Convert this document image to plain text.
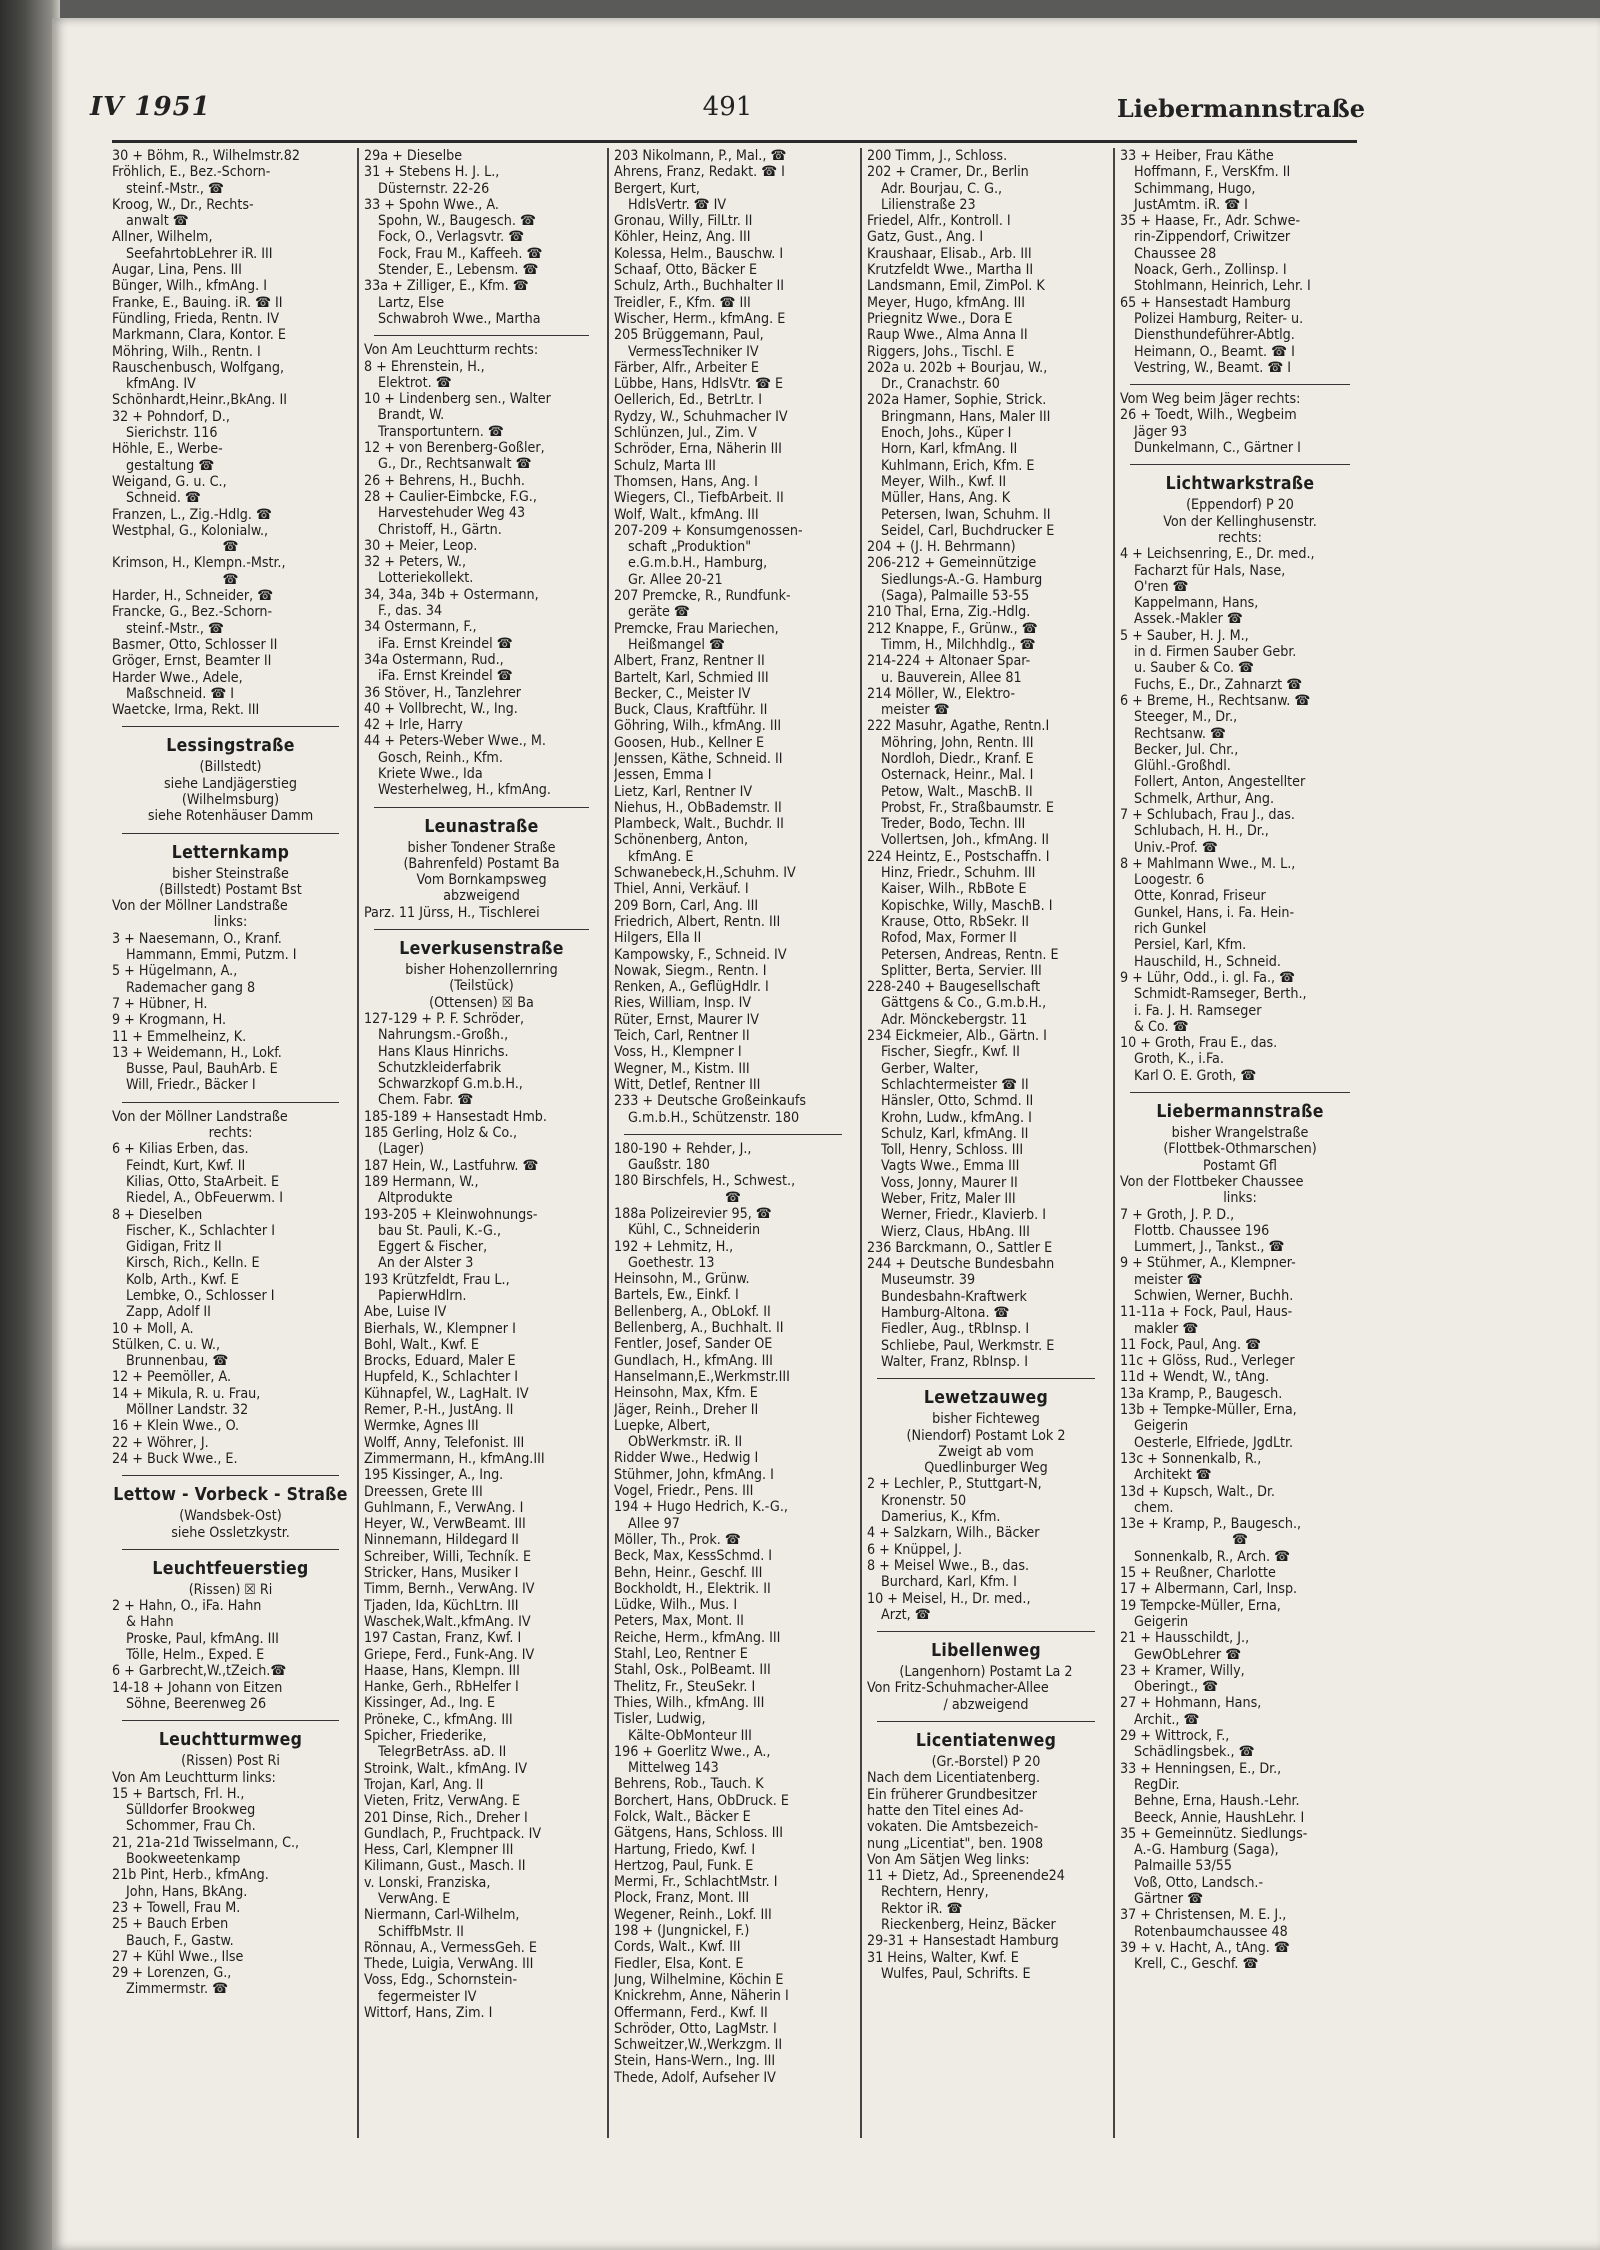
IV 1951	491	Liebermannstraße
30 + Böhm, R., Wilhelmstr.82
Fröhlich, E., Bez.-Schorn-
steinf.-Mstr., ☎
Kroog, W., Dr., Rechts-
anwalt ☎
Allner, Wilhelm,
SeefahrtobLehrer iR. III
Augar, Lina, Pens. III
Bünger, Wilh., kfmAng. I
Franke, E., Bauing. iR. ☎ II
Fündling, Frieda, Rentn. IV
Markmann, Clara, Kontor. E
Möhring, Wilh., Rentn. I
Rauschenbusch, Wolfgang,
kfmAng. IV
Schönhardt,Heinr.,BkAng. II
32 + Pohndorf, D.,
Sierichstr. 116
Höhle, E., Werbe-
gestaltung ☎
Weigand, G. u. C.,
Schneid. ☎
Franzen, L., Zig.-Hdlg. ☎
Westphal, G., Kolonialw.,
☎
Krimson, H., Klempn.-Mstr.,
☎
Harder, H., Schneider, ☎
Francke, G., Bez.-Schorn-
steinf.-Mstr., ☎
Basmer, Otto, Schlosser II
Gröger, Ernst, Beamter II
Harder Wwe., Adele,
Maßschneid. ☎ I
Waetcke, Irma, Rekt. III
Lessingstraße
(Billstedt)
siehe Landjägerstieg
(Wilhelmsburg)
siehe Rotenhäuser Damm
Letternkamp
bisher Steinstraße
(Billstedt) Postamt Bst
Von der Möllner Landstraße
links:
3 + Naesemann, O., Kranf.
Hammann, Emmi, Putzm. I
5 + Hügelmann, A.,
Rademacher gang 8
7 + Hübner, H.
9 + Krogmann, H.
11 + Emmelheinz, K.
13 + Weidemann, H., Lokf.
Busse, Paul, BauhArb. E
Will, Friedr., Bäcker I
Von der Möllner Landstraße
rechts:
6 + Kilias Erben, das.
Feindt, Kurt, Kwf. II
Kilias, Otto, StaArbeit. E
Riedel, A., ObFeuerwm. I
8 + Dieselben
Fischer, K., Schlachter I
Gidigan, Fritz II
Kirsch, Rich., Kelln. E
Kolb, Arth., Kwf. E
Lembke, O., Schlosser I
Zapp, Adolf II
10 + Moll, A.
Stülken, C. u. W.,
Brunnenbau, ☎
12 + Peemöller, A.
14 + Mikula, R. u. Frau,
Möllner Landstr. 32
16 + Klein Wwe., O.
22 + Wöhrer, J.
24 + Buck Wwe., E.
Lettow - Vorbeck - Straße
(Wandsbek-Ost)
siehe Ossletzkystr.
Leuchtfeuerstieg
(Rissen) ☒ Ri
2 + Hahn, O., iFa. Hahn
& Hahn
Proske, Paul, kfmAng. III
Tölle, Helm., Exped. E
6 + Garbrecht,W.,tZeich.☎
14-18 + Johann von Eitzen
Söhne, Beerenweg 26
Leuchtturmweg
(Rissen) Post Ri
Von Am Leuchtturm links:
15 + Bartsch, Frl. H.,
Sülldorfer Brookweg
Schommer, Frau Ch.
21, 21a-21d Twisselmann, C.,
Bookweetenkamp
21b Pint, Herb., kfmAng.
John, Hans, BkAng.
23 + Towell, Frau M.
25 + Bauch Erben
Bauch, F., Gastw.
27 + Kühl Wwe., Ilse
29 + Lorenzen, G.,
Zimmermstr. ☎
29a + Dieselbe
31 + Stebens H. J. L.,
Düsternstr. 22-26
33 + Spohn Wwe., A.
Spohn, W., Baugesch. ☎
Fock, O., Verlagsvtr. ☎
Fock, Frau M., Kaffeeh. ☎
Stender, E., Lebensm. ☎
33a + Zilliger, E., Kfm. ☎
Lartz, Else
Schwabroh Wwe., Martha
Von Am Leuchtturm rechts:
8 + Ehrenstein, H.,
Elektrot. ☎
10 + Lindenberg sen., Walter
Brandt, W.
Transportuntern. ☎
12 + von Berenberg-Goßler,
G., Dr., Rechtsanwalt ☎
26 + Behrens, H., Buchh.
28 + Caulier-Eimbcke, F.G.,
Harvestehuder Weg 43
Christoff, H., Gärtn.
30 + Meier, Leop.
32 + Peters, W.,
Lotteriekollekt.
34, 34a, 34b + Ostermann,
F., das. 34
34 Ostermann, F.,
iFa. Ernst Kreindel ☎
34a Ostermann, Rud.,
iFa. Ernst Kreindel ☎
36 Stöver, H., Tanzlehrer
40 + Vollbrecht, W., Ing.
42 + Irle, Harry
44 + Peters-Weber Wwe., M.
Gosch, Reinh., Kfm.
Kriete Wwe., Ida
Westerhelweg, H., kfmAng.
Leunastraße
bisher Tondener Straße
(Bahrenfeld) Postamt Ba
Vom Bornkampsweg
abzweigend
Parz. 11 Jürss, H., Tischlerei
Leverkusenstraße
bisher Hohenzollernring
(Teilstück)
(Ottensen) ☒ Ba
127-129 + P. F. Schröder,
Nahrungsm.-Großh.,
Hans Klaus Hinrichs.
Schutzkleiderfabrik
Schwarzkopf G.m.b.H.,
Chem. Fabr. ☎
185-189 + Hansestadt Hmb.
185 Gerling, Holz & Co.,
(Lager)
187 Hein, W., Lastfuhrw. ☎
189 Hermann, W.,
Altprodukte
193-205 + Kleinwohnungs-
bau St. Pauli, K.-G.,
Eggert & Fischer,
An der Alster 3
193 Krützfeldt, Frau L.,
PapierwHdlrn.
Abe, Luise IV
Bierhals, W., Klempner I
Bohl, Walt., Kwf. E
Brocks, Eduard, Maler E
Hupfeld, K., Schlachter I
Kühnapfel, W., LagHalt. IV
Remer, P.-H., JustAng. II
Wermke, Agnes III
Wolff, Anny, Telefonist. III
Zimmermann, H., kfmAng.III
195 Kissinger, A., Ing.
Dreessen, Grete III
Guhlmann, F., VerwAng. I
Heyer, W., VerwBeamt. III
Ninnemann, Hildegard II
Schreiber, Willi, Techník. E
Stricker, Hans, Musiker I
Timm, Bernh., VerwAng. IV
Tjaden, Ida, KüchLtrn. III
Waschek,Walt.,kfmAng. IV
197 Castan, Franz, Kwf. I
Griepe, Ferd., Funk-Ang. IV
Haase, Hans, Klempn. III
Hanke, Gerh., RbHelfer I
Kissinger, Ad., Ing. E
Pröneke, C., kfmAng. III
Spicher, Friederike,
TelegrBetrAss. aD. II
Stroink, Walt., kfmAng. IV
Trojan, Karl, Ang. II
Vieten, Fritz, VerwAng. E
201 Dinse, Rich., Dreher I
Gundlach, P., Fruchtpack. IV
Hess, Carl, Klempner III
Kilimann, Gust., Masch. II
v. Lonski, Franziska,
VerwAng. E
Niermann, Carl-Wilhelm,
SchiffbMstr. II
Rönnau, A., VermessGeh. E
Thede, Luigia, VerwAng. III
Voss, Edg., Schornstein-
fegermeister IV
Wittorf, Hans, Zim. I
203 Nikolmann, P., Mal., ☎
Ahrens, Franz, Redakt. ☎ I
Bergert, Kurt,
HdlsVertr. ☎ IV
Gronau, Willy, FilLtr. II
Köhler, Heinz, Ang. III
Kolessa, Helm., Bauschw. I
Schaaf, Otto, Bäcker E
Schulz, Arth., Buchhalter II
Treidler, F., Kfm. ☎ III
Wischer, Herm., kfmAng. E
205 Brüggemann, Paul,
VermessTechniker IV
Färber, Alfr., Arbeiter E
Lübbe, Hans, HdlsVtr. ☎ E
Oellerich, Ed., BetrLtr. I
Rydzy, W., Schuhmacher IV
Schlünzen, Jul., Zim. V
Schröder, Erna, Näherin III
Schulz, Marta III
Thomsen, Hans, Ang. I
Wiegers, Cl., TiefbArbeit. II
Wolf, Walt., kfmAng. III
207-209 + Konsumgenossen-
schaft „Produktion"
e.G.m.b.H., Hamburg,
Gr. Allee 20-21
207 Premcke, R., Rundfunk-
geräte ☎
Premcke, Frau Mariechen,
Heißmangel ☎
Albert, Franz, Rentner II
Bartelt, Karl, Schmied III
Becker, C., Meister IV
Buck, Claus, Kraftführ. II
Göhring, Wilh., kfmAng. III
Goosen, Hub., Kellner E
Jenssen, Käthe, Schneid. II
Jessen, Emma I
Lietz, Karl, Rentner IV
Niehus, H., ObBademstr. II
Plambeck, Walt., Buchdr. II
Schönenberg, Anton,
kfmAng. E
Schwanebeck,H.,Schuhm. IV
Thiel, Anni, Verkäuf. I
209 Born, Carl, Ang. III
Friedrich, Albert, Rentn. III
Hilgers, Ella II
Kampowsky, F., Schneid. IV
Nowak, Siegm., Rentn. I
Renken, A., GeflügHdlr. I
Ries, William, Insp. IV
Rüter, Ernst, Maurer IV
Teich, Carl, Rentner II
Voss, H., Klempner I
Wegner, M., Kistm. III
Witt, Detlef, Rentner III
233 + Deutsche Großeinkaufs
G.m.b.H., Schützenstr. 180
180-190 + Rehder, J.,
Gaußstr. 180
180 Birschfels, H., Schwest.,
☎
188a Polizeirevier 95, ☎
Kühl, C., Schneiderin
192 + Lehmitz, H.,
Goethestr. 13
Heinsohn, M., Grünw.
Bartels, Ew., Einkf. I
Bellenberg, A., ObLokf. II
Bellenberg, A., Buchhalt. II
Fentler, Josef, Sander OE
Gundlach, H., kfmAng. III
Hanselmann,E.,Werkmstr.III
Heinsohn, Max, Kfm. E
Jäger, Reinh., Dreher II
Luepke, Albert,
ObWerkmstr. iR. II
Ridder Wwe., Hedwig I
Stühmer, John, kfmAng. I
Vogel, Friedr., Pens. III
194 + Hugo Hedrich, K.-G.,
Allee 97
Möller, Th., Prok. ☎
Beck, Max, KessSchmd. I
Behn, Heinr., Geschf. III
Bockholdt, H., Elektrik. II
Lüdke, Wilh., Mus. I
Peters, Max, Mont. II
Reiche, Herm., kfmAng. III
Stahl, Leo, Rentner E
Stahl, Osk., PolBeamt. III
Thelitz, Fr., SteuSekr. I
Thies, Wilh., kfmAng. III
Tisler, Ludwig,
Kälte-ObMonteur III
196 + Goerlitz Wwe., A.,
Mittelweg 143
Behrens, Rob., Tauch. K
Borchert, Hans, ObDruck. E
Folck, Walt., Bäcker E
Gätgens, Hans, Schloss. III
Hartung, Friedo, Kwf. I
Hertzog, Paul, Funk. E
Mermi, Fr., SchlachtMstr. I
Plock, Franz, Mont. III
Wegener, Reinh., Lokf. III
198 + (Jungnickel, F.)
Cords, Walt., Kwf. III
Fiedler, Elsa, Kont. E
Jung, Wilhelmine, Köchin E
Knickrehm, Anne, Näherin I
Offermann, Ferd., Kwf. II
Schröder, Otto, LagMstr. I
Schweitzer,W.,Werkzgm. II
Stein, Hans-Wern., Ing. III
Thede, Adolf, Aufseher IV
200 Timm, J., Schloss.
202 + Cramer, Dr., Berlin
Adr. Bourjau, C. G.,
Lilienstraße 23
Friedel, Alfr., Kontroll. I
Gatz, Gust., Ang. I
Kraushaar, Elisab., Arb. III
Krutzfeldt Wwe., Martha II
Landsmann, Emil, ZimPol. K
Meyer, Hugo, kfmAng. III
Priegnitz Wwe., Dora E
Raup Wwe., Alma Anna II
Riggers, Johs., Tischl. E
202a u. 202b + Bourjau, W.,
Dr., Cranachstr. 60
202a Hamer, Sophie, Strick.
Bringmann, Hans, Maler III
Enoch, Johs., Küper I
Horn, Karl, kfmAng. II
Kuhlmann, Erich, Kfm. E
Meyer, Wilh., Kwf. II
Müller, Hans, Ang. K
Petersen, Iwan, Schuhm. II
Seidel, Carl, Buchdrucker E
204 + (J. H. Behrmann)
206-212 + Gemeinnützige
Siedlungs-A.-G. Hamburg
(Saga), Palmaille 53-55
210 Thal, Erna, Zig.-Hdlg.
212 Knappe, F., Grünw., ☎
Timm, H., Milchhdlg., ☎
214-224 + Altonaer Spar-
u. Bauverein, Allee 81
214 Möller, W., Elektro-
meister ☎
222 Masuhr, Agathe, Rentn.I
Möhring, John, Rentn. III
Nordloh, Diedr., Kranf. E
Osternack, Heinr., Mal. I
Petow, Walt., MaschB. II
Probst, Fr., Straßbaumstr. E
Treder, Bodo, Techn. III
Vollertsen, Joh., kfmAng. II
224 Heintz, E., Postschaffn. I
Hinz, Friedr., Schuhm. III
Kaiser, Wilh., RbBote E
Kopischke, Willy, MaschB. I
Krause, Otto, RbSekr. II
Rofod, Max, Former II
Petersen, Andreas, Rentn. E
Splitter, Berta, Servier. III
228-240 + Baugesellschaft
Gättgens & Co., G.m.b.H.,
Adr. Mönckebergstr. 11
234 Eickmeier, Alb., Gärtn. I
Fischer, Siegfr., Kwf. II
Gerber, Walter,
Schlachtermeister ☎ II
Hänsler, Otto, Schmd. II
Krohn, Ludw., kfmAng. I
Schulz, Karl, kfmAng. II
Toll, Henry, Schloss. III
Vagts Wwe., Emma III
Voss, Jonny, Maurer II
Weber, Fritz, Maler III
Werner, Friedr., Klavierb. I
Wierz, Claus, HbAng. III
236 Barckmann, O., Sattler E
244 + Deutsche Bundesbahn
Museumstr. 39
Bundesbahn-Kraftwerk
Hamburg-Altona. ☎
Fiedler, Aug., tRbInsp. I
Schliebe, Paul, Werkmstr. E
Walter, Franz, RbInsp. I
Lewetzauweg
bisher Fichteweg
(Niendorf) Postamt Lok 2
Zweigt ab vom
Quedlinburger Weg
2 + Lechler, P., Stuttgart-N,
Kronenstr. 50
Damerius, K., Kfm.
4 + Salzkarn, Wilh., Bäcker
6 + Knüppel, J.
8 + Meisel Wwe., B., das.
Burchard, Karl, Kfm. I
10 + Meisel, H., Dr. med.,
Arzt, ☎
Libellenweg
(Langenhorn) Postamt La 2
Von Fritz-Schuhmacher-Allee
/ abzweigend
Licentiatenweg
(Gr.-Borstel) P 20
Nach dem Licentiatenberg.
Ein früherer Grundbesitzer
hatte den Titel eines Ad-
vokaten. Die Amtsbezeich-
nung „Licentiat", ben. 1908
Von Am Sätjen Weg links:
11 + Dietz, Ad., Spreenende24
Rechtern, Henry,
Rektor iR. ☎
Rieckenberg, Heinz, Bäcker
29-31 + Hansestadt Hamburg
31 Heins, Walter, Kwf. E
Wulfes, Paul, Schrifts. E
33 + Heiber, Frau Käthe
Hoffmann, F., VersKfm. II
Schimmang, Hugo,
JustAmtm. iR. ☎ I
35 + Haase, Fr., Adr. Schwe-
rin-Zippendorf, Criwitzer
Chaussee 28
Noack, Gerh., Zollinsp. I
Stohlmann, Heinrich, Lehr. I
65 + Hansestadt Hamburg
Polizei Hamburg, Reiter- u.
Diensthundeführer-Abtlg.
Heimann, O., Beamt. ☎ I
Vestring, W., Beamt. ☎ I
Vom Weg beim Jäger rechts:
26 + Toedt, Wilh., Wegbeim
Jäger 93
Dunkelmann, C., Gärtner I
Lichtwarkstraße
(Eppendorf) P 20
Von der Kellinghusenstr.
rechts:
4 + Leichsenring, E., Dr. med.,
Facharzt für Hals, Nase,
O'ren ☎
Kappelmann, Hans,
Assek.-Makler ☎
5 + Sauber, H. J. M.,
in d. Firmen Sauber Gebr.
u. Sauber & Co. ☎
Fuchs, E., Dr., Zahnarzt ☎
6 + Breme, H., Rechtsanw. ☎
Steeger, M., Dr.,
Rechtsanw. ☎
Becker, Jul. Chr.,
Glühl.-Großhdl.
Follert, Anton, Angestellter
Schmelk, Arthur, Ang.
7 + Schlubach, Frau J., das.
Schlubach, H. H., Dr.,
Univ.-Prof. ☎
8 + Mahlmann Wwe., M. L.,
Loogestr. 6
Otte, Konrad, Friseur
Gunkel, Hans, i. Fa. Hein-
rich Gunkel
Persiel, Karl, Kfm.
Hauschild, H., Schneid.
9 + Lühr, Odd., i. gl. Fa., ☎
Schmidt-Ramseger, Berth.,
i. Fa. J. H. Ramseger
& Co. ☎
10 + Groth, Frau E., das.
Groth, K., i.Fa.
Karl O. E. Groth, ☎
Liebermannstraße
bisher Wrangelstraße
(Flottbek-Othmarschen)
Postamt Gfl
Von der Flottbeker Chaussee
links:
7 + Groth, J. P. D.,
Flottb. Chaussee 196
Lummert, J., Tankst., ☎
9 + Stühmer, A., Klempner-
meister ☎
Schwien, Werner, Buchh.
11-11a + Fock, Paul, Haus-
makler ☎
11 Fock, Paul, Ang. ☎
11c + Glöss, Rud., Verleger
11d + Wendt, W., tAng.
13a Kramp, P., Baugesch.
13b + Tempke-Müller, Erna,
Geigerin
Oesterle, Elfriede, JgdLtr.
13c + Sonnenkalb, R.,
Architekt ☎
13d + Kupsch, Walt., Dr.
chem.
13e + Kramp, P., Baugesch.,
☎
Sonnenkalb, R., Arch. ☎
15 + Reußner, Charlotte
17 + Albermann, Carl, Insp.
19 Tempcke-Müller, Erna,
Geigerin
21 + Hausschildt, J.,
GewObLehrer ☎
23 + Kramer, Willy,
Oberingt., ☎
27 + Hohmann, Hans,
Archit., ☎
29 + Wittrock, F.,
Schädlingsbek., ☎
33 + Henningsen, E., Dr.,
RegDir.
Behne, Erna, Haush.-Lehr.
Beeck, Annie, HaushLehr. I
35 + Gemeinnütz. Siedlungs-
A.-G. Hamburg (Saga),
Palmaille 53/55
Voß, Otto, Landsch.-
Gärtner ☎
37 + Christensen, M. E. J.,
Rotenbaumchaussee 48
39 + v. Hacht, A., tAng. ☎
Krell, C., Geschf. ☎
